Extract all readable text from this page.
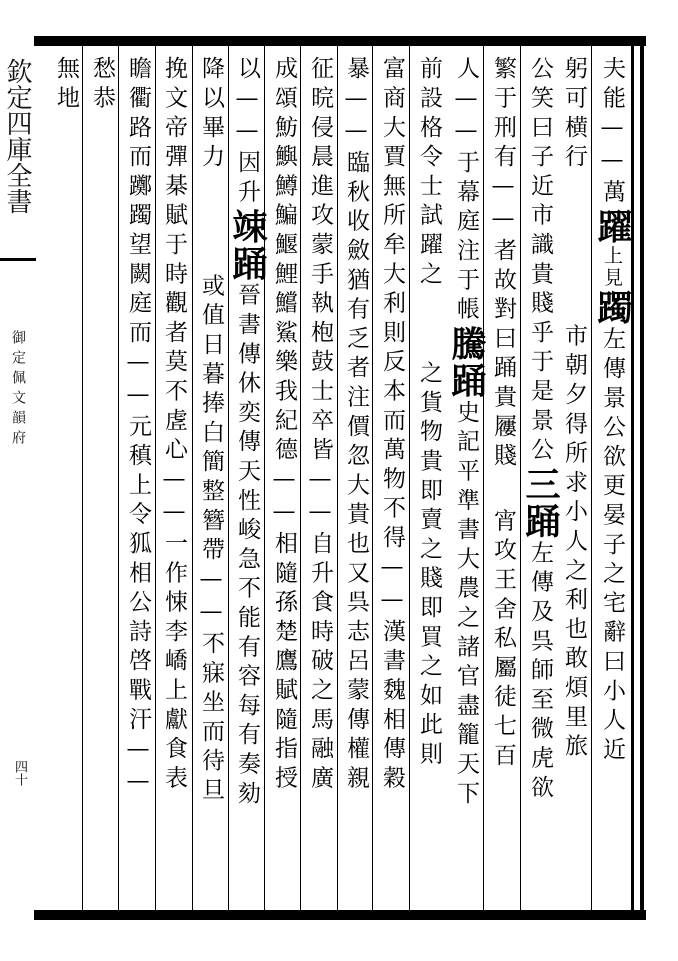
欽定四庫全書
御定佩文韻府
四十
夫能——萬躍上見躅左傳景公欲更晏子之宅辭曰小人近
躬可横行市朝夕得所求小人之利也敢煩里旅
公笑曰子近市識貴賤乎于是景公三踊左傳及呉師至微虎欲
繁于刑有——者故對曰踊貴屨賤宵攻王舍私屬徒七百
人——于幕庭注于帳騰踊史記平準書大農之諸官盡籠天下
前設格令士試躍之之貨物貴即賣之賤即買之如此則
富商大賈無所牟大利則反本而萬物不得——漢書魏相傳穀
暴——臨秋收斂猶有乏者注價忽大貴也又呉志呂蒙傳權親
征晥侵晨進攻蒙手執枹鼓士卒皆——自升食時破之馬融廣
成頌魴鱮鱒鯿鰋鯉鱨鯊樂我紀德——相隨孫楚鷹賦隨指授
以——因升竦踊晉書傳休奕傳天性峻急不能有容每有奏劾
降以畢力或值日暮捧白簡整簪帶——不寐坐而待旦
挽文帝彈棊賦于時觀者莫不虗心——一作悚李嶠上獻食表
瞻衢路而躑躅望闕庭而——元稹上令狐相公詩啓戰汗——
愁恭
無地
